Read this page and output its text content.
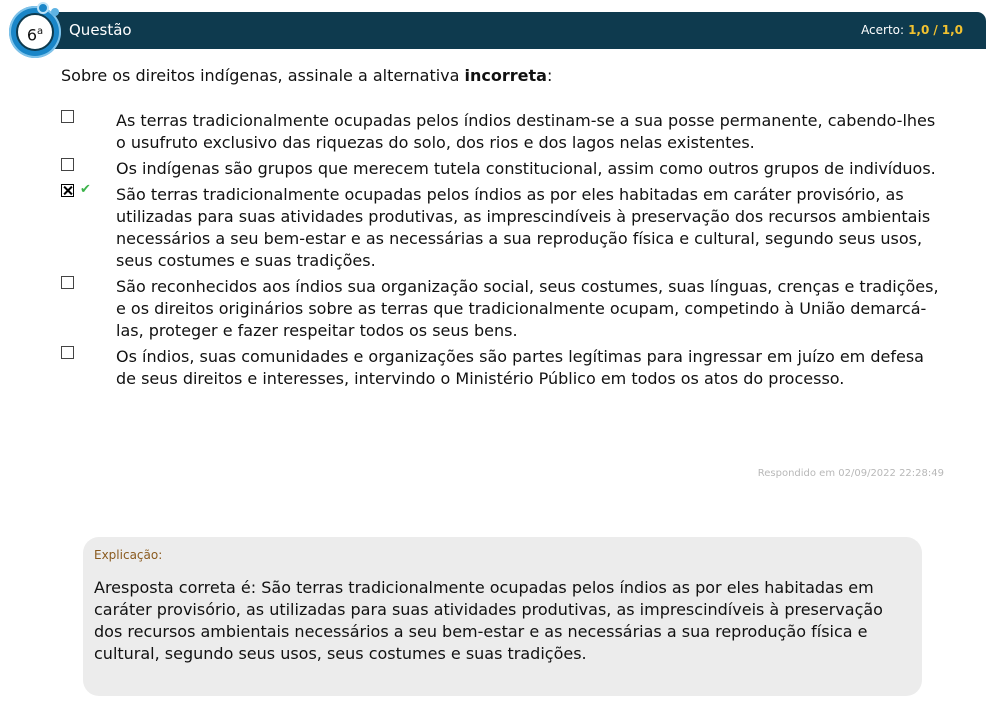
Questão	Acerto: 1,0 / 1,0
6$^a$
Sobre os direitos indígenas, assinale a alternativa incorreta:
As terras tradicionalmente ocupadas pelos índios destinam-se a sua posse permanente, cabendo-lhes o usufruto exclusivo das riquezas do solo, dos rios e dos lagos nelas existentes.
Os indígenas são grupos que merecem tutela constitucional, assim como outros grupos de indivíduos.
✔ São terras tradicionalmente ocupadas pelos índios as por eles habitadas em caráter provisório, as utilizadas para suas atividades produtivas, as imprescindíveis à preservação dos recursos ambientais necessários a seu bem-estar e as necessárias a sua reprodução física e cultural, segundo seus usos, seus costumes e suas tradições.
São reconhecidos aos índios sua organização social, seus costumes, suas línguas, crenças e tradições, e os direitos originários sobre as terras que tradicionalmente ocupam, competindo à União demarcá-las, proteger e fazer respeitar todos os seus bens.
Os índios, suas comunidades e organizações são partes legítimas para ingressar em juízo em defesa de seus direitos e interesses, intervindo o Ministério Público em todos os atos do processo.
Respondido em 02/09/2022 22:28:49
Explicação:
Aresposta correta é: São terras tradicionalmente ocupadas pelos índios as por eles habitadas em caráter provisório, as utilizadas para suas atividades produtivas, as imprescindíveis à preservação dos recursos ambientais necessários a seu bem-estar e as necessárias a sua reprodução física e cultural, segundo seus usos, seus costumes e suas tradições.
